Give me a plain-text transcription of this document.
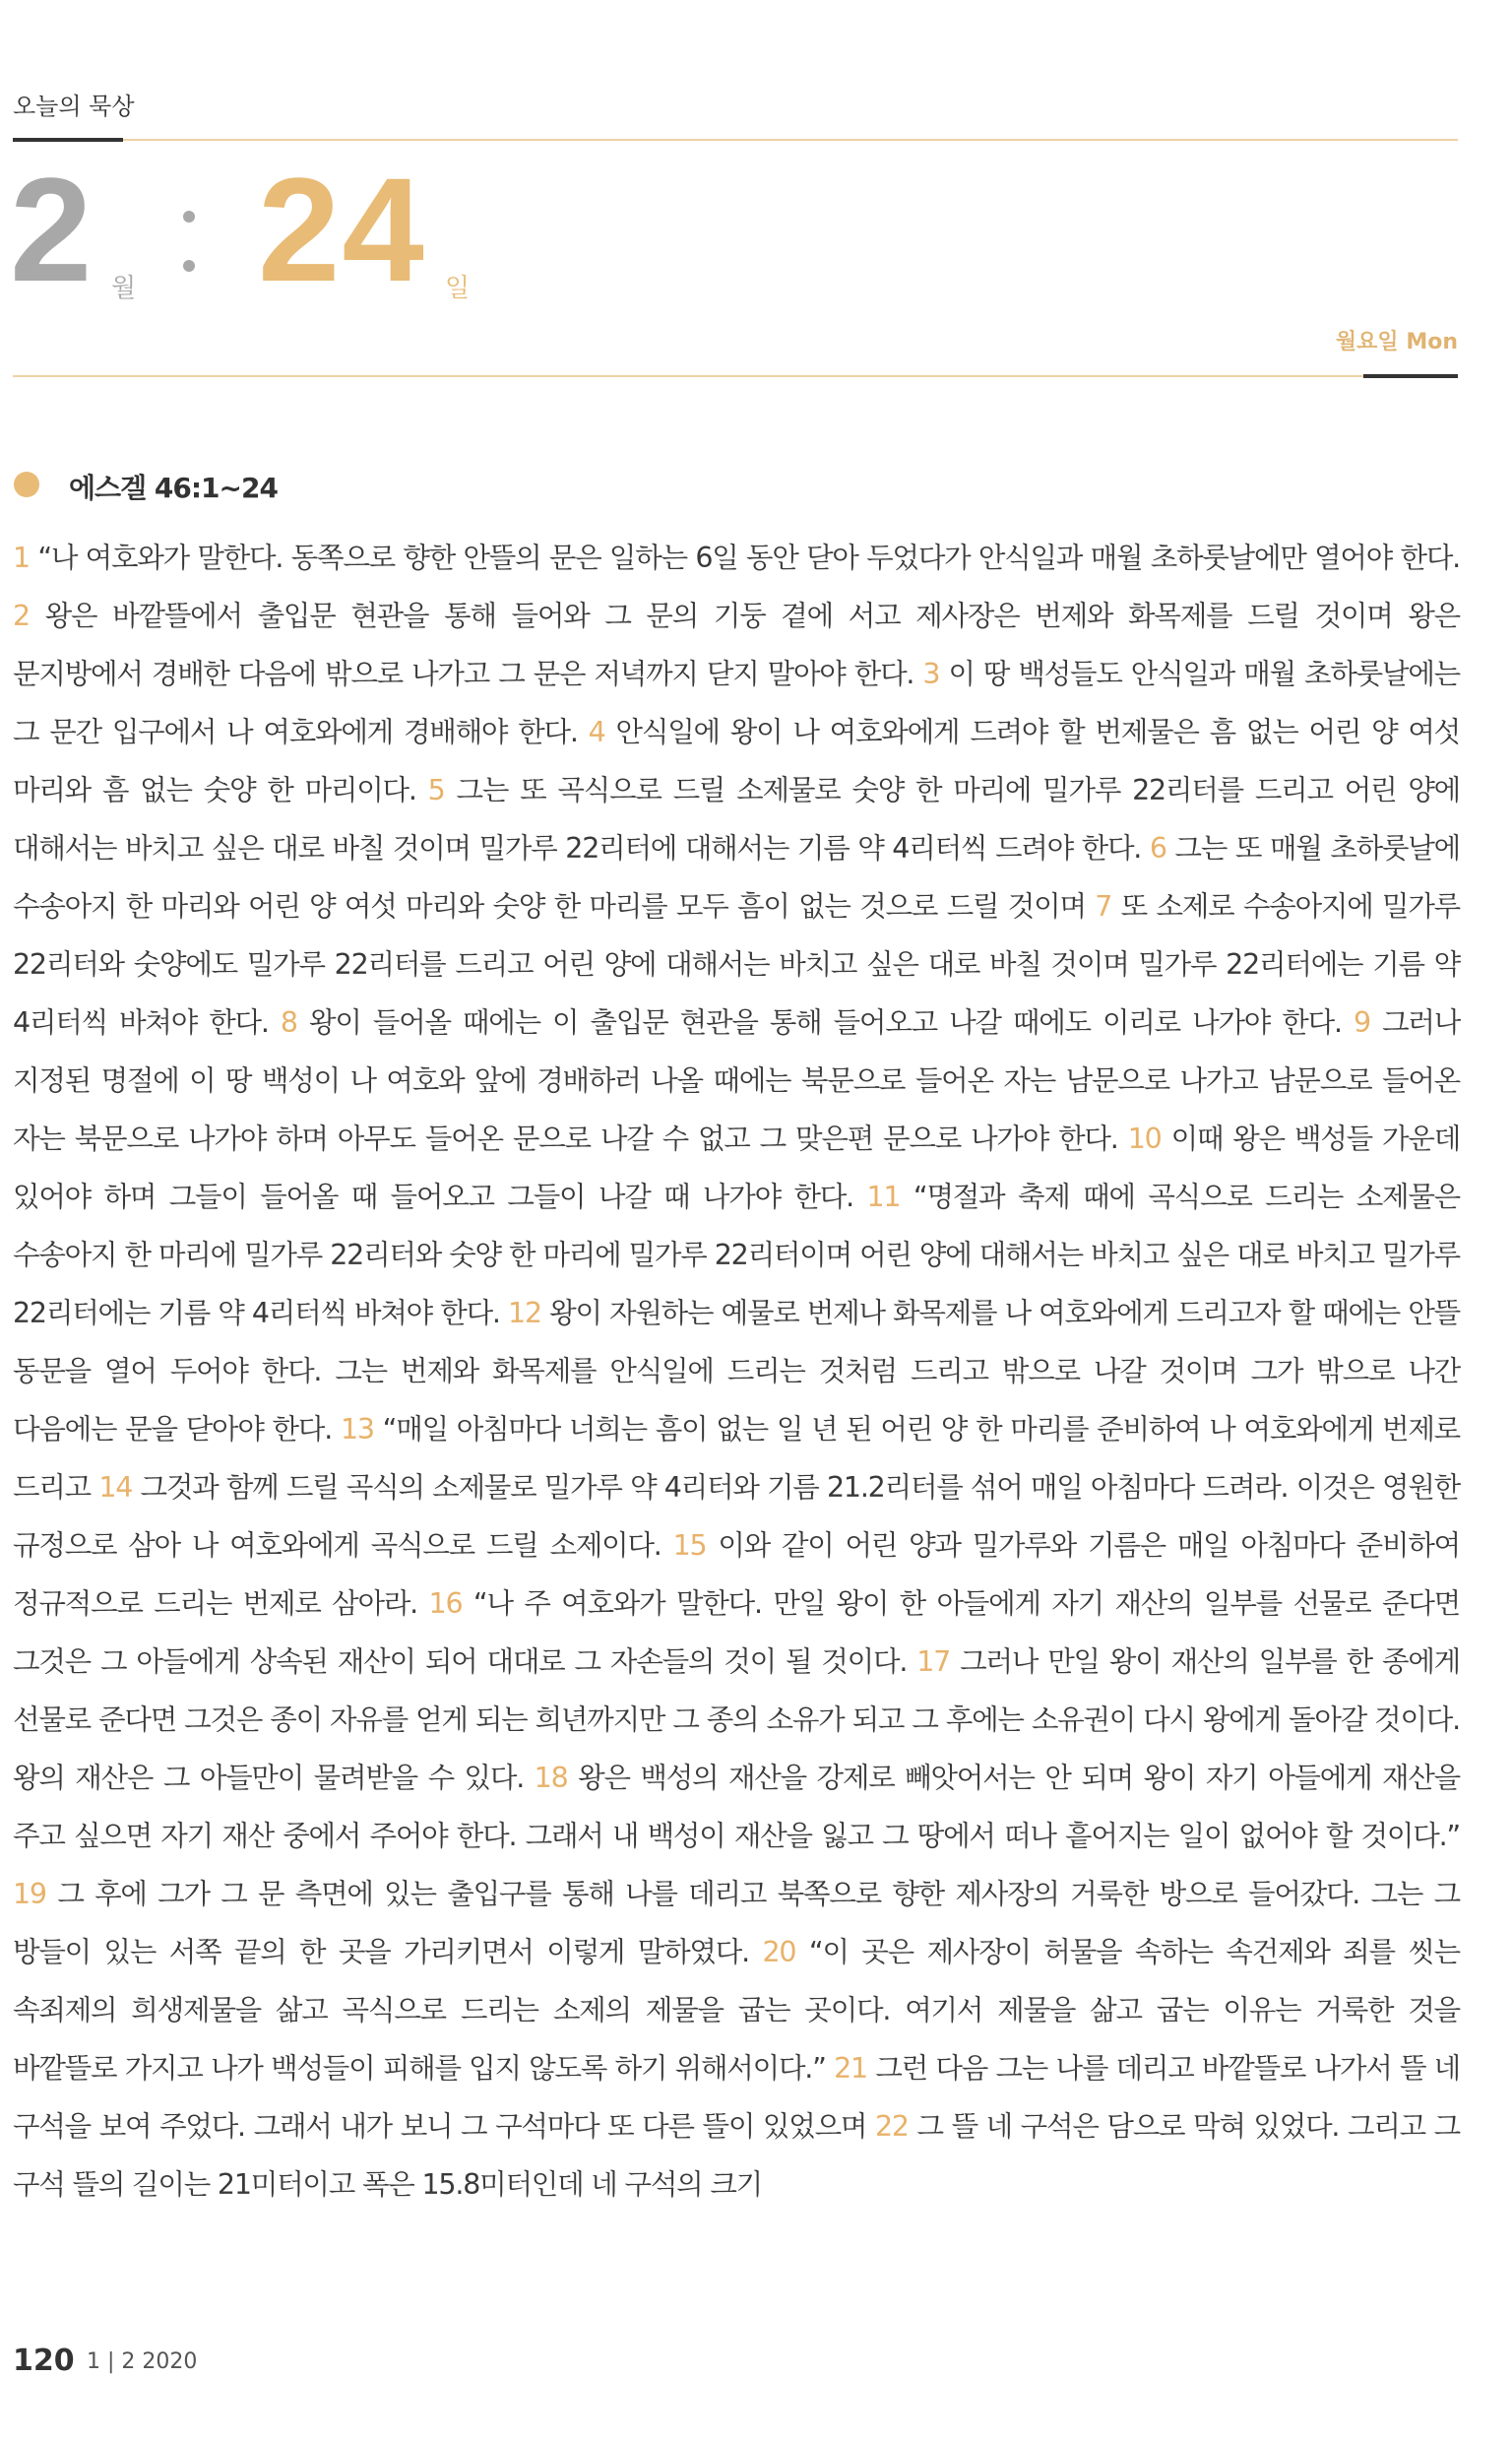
오늘의 묵상
2 월 24 일
월요일 Mon
에스겔 46:1~24
1 “나 여호와가 말한다. 동쪽으로 향한 안뜰의 문은 일하는 6일 동안 닫아 두었다가 안식일과 매월 초하룻날에만 열어야 한다. 2 왕은 바깥뜰에서 출입문 현관을 통해 들어와 그 문의 기둥 곁에 서고 제사장은 번제와 화목제를 드릴 것이며 왕은 문지방에서 경배한 다음에 밖으로 나가고 그 문은 저녁까지 닫지 말아야 한다. 3 이 땅 백성들도 안식일과 매월 초하룻날에는 그 문간 입구에서 나 여호와에게 경배해야 한다. 4 안식일에 왕이 나 여호와에게 드려야 할 번제물은 흠 없는 어린 양 여섯 마리와 흠 없는 숫양 한 마리이다. 5 그는 또 곡식으로 드릴 소제물로 숫양 한 마리에 밀가루 22리터를 드리고 어린 양에 대해서는 바치고 싶은 대로 바칠 것이며 밀가루 22리터에 대해서는 기름 약 4리터씩 드려야 한다. 6 그는 또 매월 초하룻날에 수송아지 한 마리와 어린 양 여섯 마리와 숫양 한 마리를 모두 흠이 없는 것으로 드릴 것이며 7 또 소제로 수송아지에 밀가루 22리터와 숫양에도 밀가루 22리터를 드리고 어린 양에 대해서는 바치고 싶은 대로 바칠 것이며 밀가루 22리터에는 기름 약 4리터씩 바쳐야 한다. 8 왕이 들어올 때에는 이 출입문 현관을 통해 들어오고 나갈 때에도 이리로 나가야 한다. 9 그러나 지정된 명절에 이 땅 백성이 나 여호와 앞에 경배하러 나올 때에는 북문으로 들어온 자는 남문으로 나가고 남문으로 들어온 자는 북문으로 나가야 하며 아무도 들어온 문으로 나갈 수 없고 그 맞은편 문으로 나가야 한다. 10 이때 왕은 백성들 가운데 있어야 하며 그들이 들어올 때 들어오고 그들이 나갈 때 나가야 한다. 11 “명절과 축제 때에 곡식으로 드리는 소제물은 수송아지 한 마리에 밀가루 22리터와 숫양 한 마리에 밀가루 22리터이며 어린 양에 대해서는 바치고 싶은 대로 바치고 밀가루 22리터에는 기름 약 4리터씩 바쳐야 한다. 12 왕이 자원하는 예물로 번제나 화목제를 나 여호와에게 드리고자 할 때에는 안뜰 동문을 열어 두어야 한다. 그는 번제와 화목제를 안식일에 드리는 것처럼 드리고 밖으로 나갈 것이며 그가 밖으로 나간 다음에는 문을 닫아야 한다. 13 “매일 아침마다 너희는 흠이 없는 일 년 된 어린 양 한 마리를 준비하여 나 여호와에게 번제로 드리고 14 그것과 함께 드릴 곡식의 소제물로 밀가루 약 4리터와 기름 21.2리터를 섞어 매일 아침마다 드려라. 이것은 영원한 규정으로 삼아 나 여호와에게 곡식으로 드릴 소제이다. 15 이와 같이 어린 양과 밀가루와 기름은 매일 아침마다 준비하여 정규적으로 드리는 번제로 삼아라. 16 “나 주 여호와가 말한다. 만일 왕이 한 아들에게 자기 재산의 일부를 선물로 준다면 그것은 그 아들에게 상속된 재산이 되어 대대로 그 자손들의 것이 될 것이다. 17 그러나 만일 왕이 재산의 일부를 한 종에게 선물로 준다면 그것은 종이 자유를 얻게 되는 희년까지만 그 종의 소유가 되고 그 후에는 소유권이 다시 왕에게 돌아갈 것이다. 왕의 재산은 그 아들만이 물려받을 수 있다. 18 왕은 백성의 재산을 강제로 빼앗어서는 안 되며 왕이 자기 아들에게 재산을 주고 싶으면 자기 재산 중에서 주어야 한다. 그래서 내 백성이 재산을 잃고 그 땅에서 떠나 흩어지는 일이 없어야 할 것이다.” 19 그 후에 그가 그 문 측면에 있는 출입구를 통해 나를 데리고 북쪽으로 향한 제사장의 거룩한 방으로 들어갔다. 그는 그 방들이 있는 서쪽 끝의 한 곳을 가리키면서 이렇게 말하였다. 20 “이 곳은 제사장이 허물을 속하는 속건제와 죄를 씻는 속죄제의 희생제물을 삶고 곡식으로 드리는 소제의 제물을 굽는 곳이다. 여기서 제물을 삶고 굽는 이유는 거룩한 것을 바깥뜰로 가지고 나가 백성들이 피해를 입지 않도록 하기 위해서이다.” 21 그런 다음 그는 나를 데리고 바깥뜰로 나가서 뜰 네 구석을 보여 주었다. 그래서 내가 보니 그 구석마다 또 다른 뜰이 있었으며 22 그 뜰 네 구석은 담으로 막혀 있었다. 그리고 그 구석 뜰의 길이는 21미터이고 폭은 15.8미터인데 네 구석의 크기
120 1 | 2 2020
